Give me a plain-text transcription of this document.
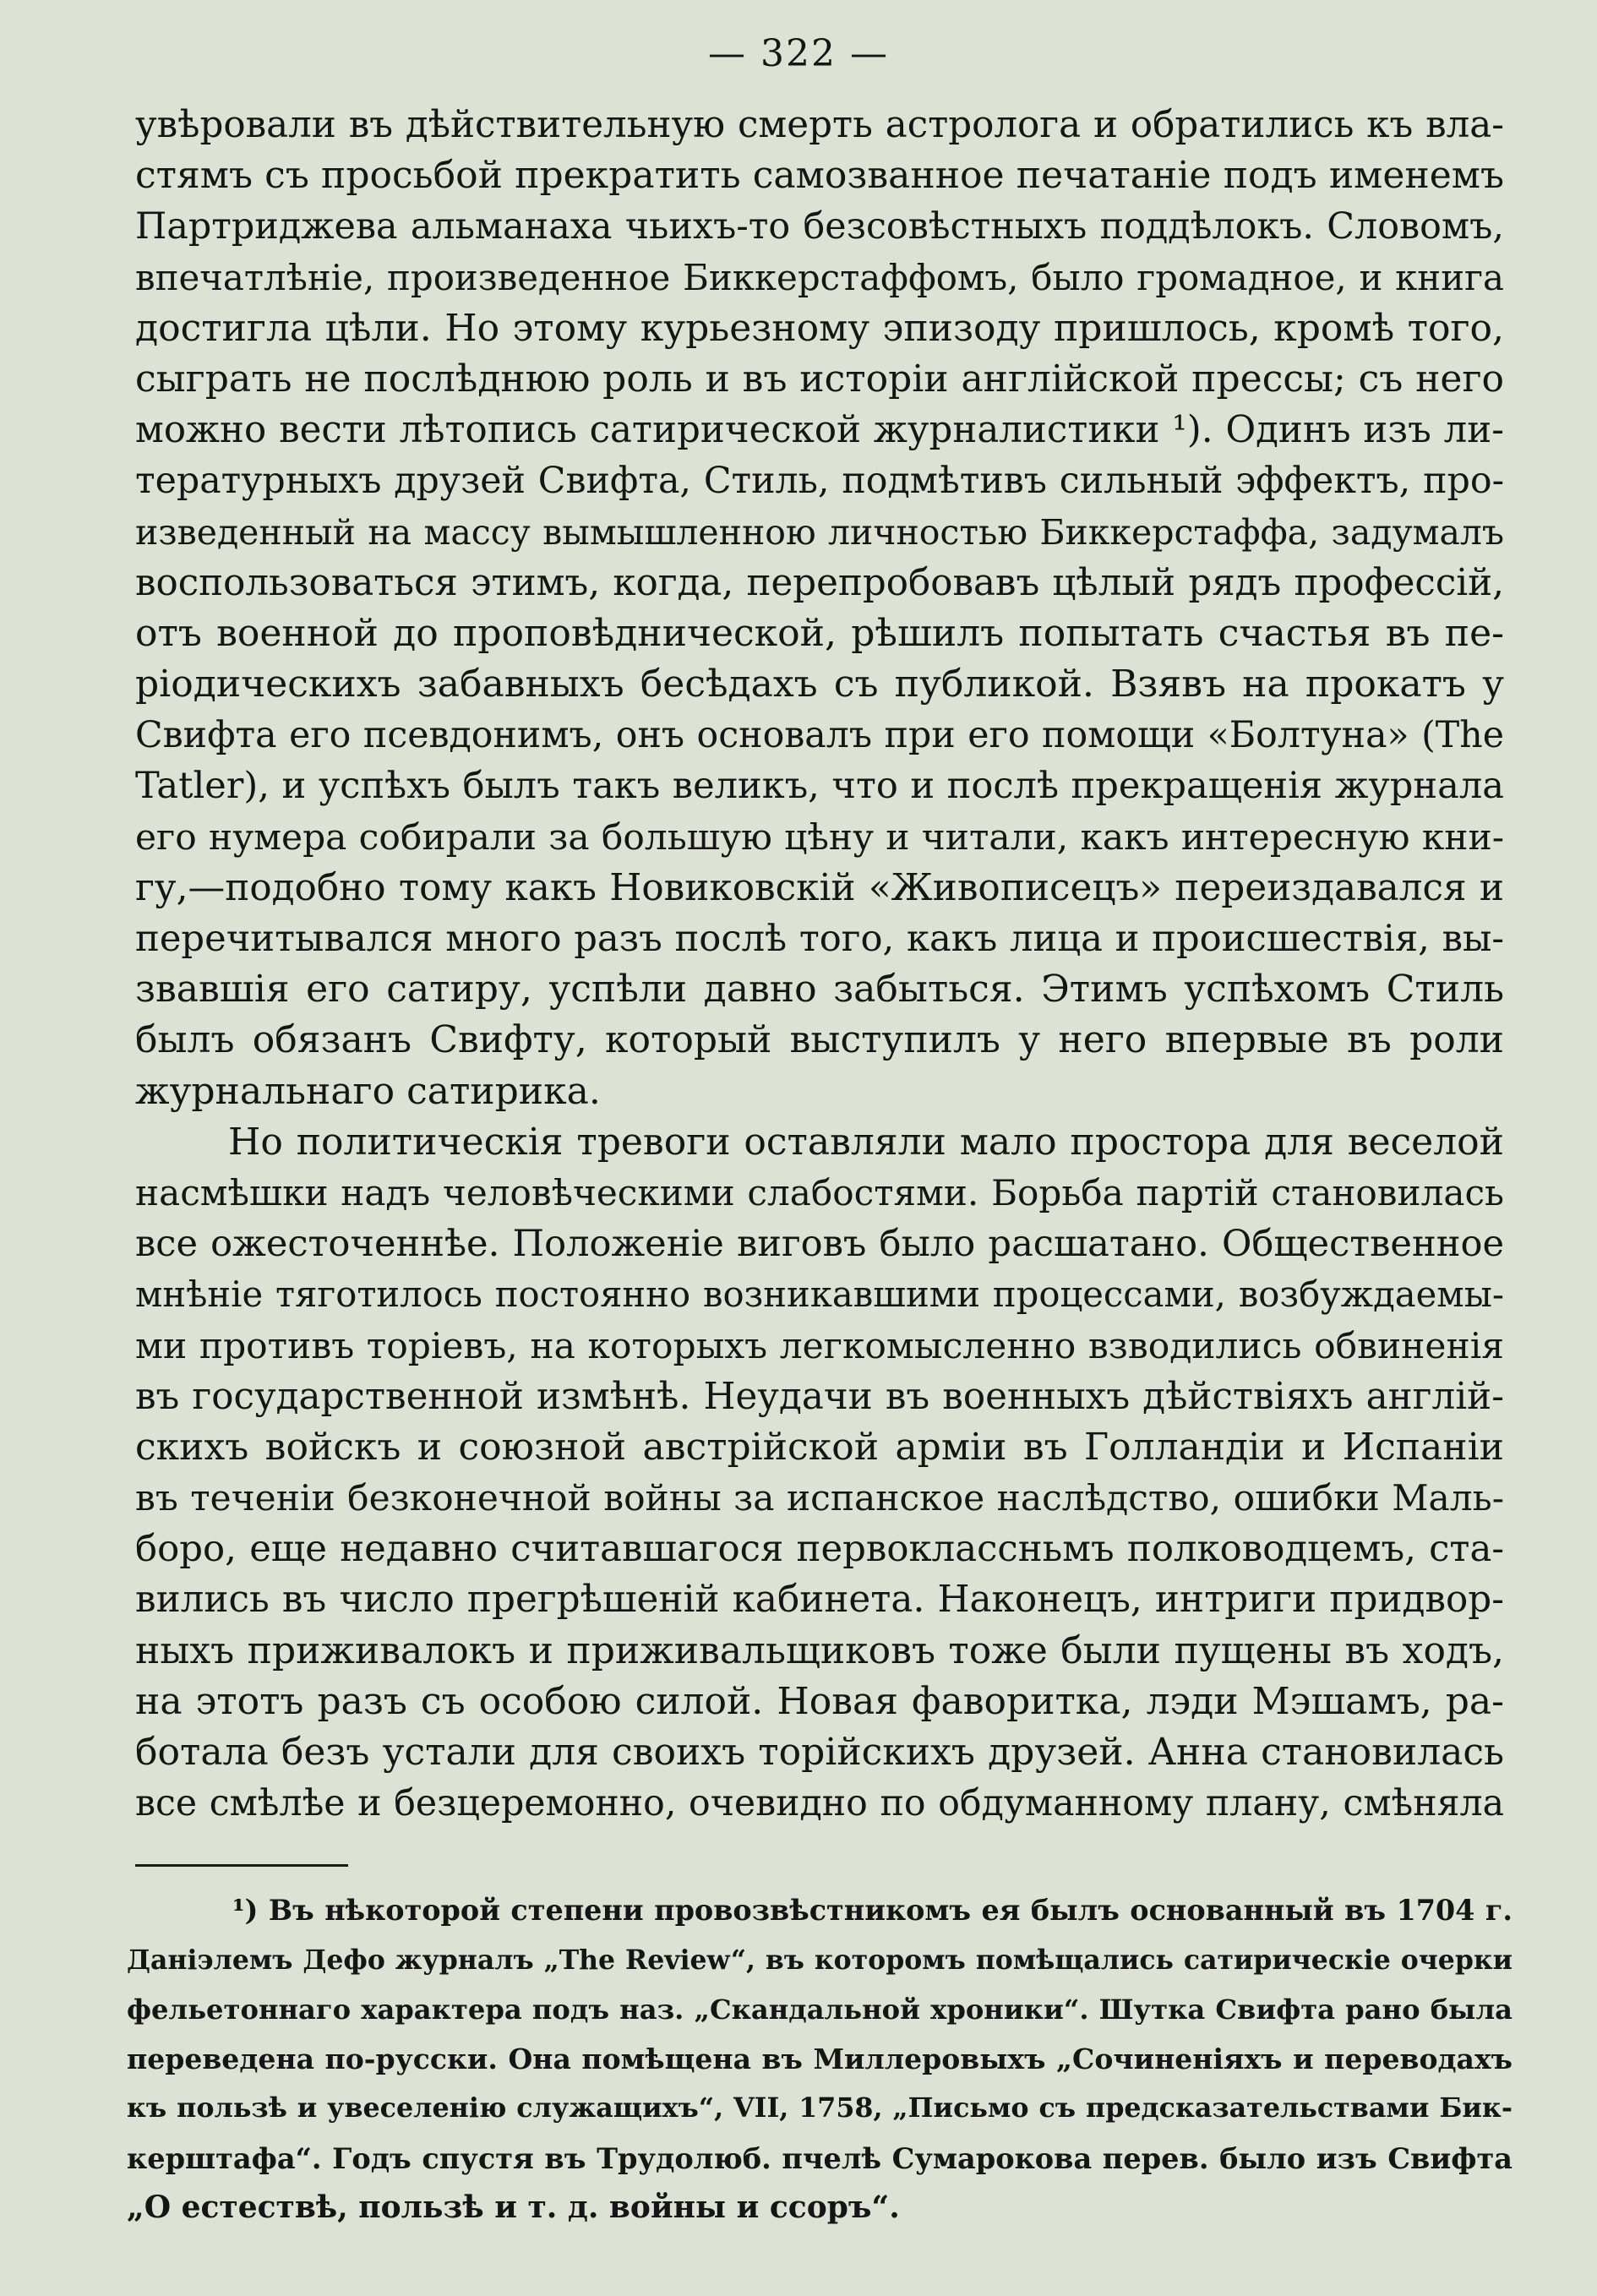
— 322 —
увѣровали въ дѣйствительную смерть астролога и обратились къ вла-
стямъ съ просьбой прекратить самозванное печатанiе подъ именемъ
Партриджева альманаха чьихъ-то безсовѣстныхъ поддѣлокъ. Словомъ,
впечатлѣнiе, произведенное Биккерстаффомъ, было громадное, и книга
достигла цѣли. Но этому курьезному эпизоду пришлось, кромѣ того,
сыграть не послѣднюю роль и въ исторiи англiйской прессы; съ него
можно вести лѣтопись сатирической журналистики ¹). Одинъ изъ ли-
тературныхъ друзей Свифта, Стиль, подмѣтивъ сильный эффектъ, про-
изведенный на массу вымышленною личностью Биккерстаффа, задумалъ
воспользоваться этимъ, когда, перепробовавъ цѣлый рядъ профессiй,
отъ военной до проповѣднической, рѣшилъ попытать счастья въ пе-
рiодическихъ забавныхъ бесѣдахъ съ публикой. Взявъ на прокатъ у
Свифта его псевдонимъ, онъ основалъ при его помощи «Болтуна» (The
Tatler), и успѣхъ былъ такъ великъ, что и послѣ прекращенiя журнала
его нумера собирали за большую цѣну и читали, какъ интересную кни-
гу,—подобно тому какъ Новиковскiй «Живописецъ» переиздавался и
перечитывался много разъ послѣ того, какъ лица и происшествiя, вы-
звавшiя его сатиру, успѣли давно забыться. Этимъ успѣхомъ Стиль
былъ обязанъ Свифту, который выступилъ у него впервые въ роли
журнальнаго сатирика.
Но политическiя тревоги оставляли мало простора для веселой
насмѣшки надъ человѣческими слабостями. Борьба партiй становилась
все ожесточеннѣе. Положенiе виговъ было расшатано. Общественное
мнѣнiе тяготилось постоянно возникавшими процессами, возбуждаемы-
ми противъ торiевъ, на которыхъ легкомысленно взводились обвиненiя
въ государственной измѣнѣ. Неудачи въ военныхъ дѣйствiяхъ англiй-
скихъ войскъ и союзной австрiйской армiи въ Голландiи и Испанiи
въ теченiи безконечной войны за испанское наслѣдство, ошибки Маль-
боро, еще недавно считавшагося первоклассньмъ полководцемъ, ста-
вились въ число прегрѣшенiй кабинета. Наконецъ, интриги придвор-
ныхъ приживалокъ и приживальщиковъ тоже были пущены въ ходъ,
на этотъ разъ съ особою силой. Новая фаворитка, лэди Мэшамъ, ра-
ботала безъ устали для своихъ торiйскихъ друзей. Анна становилась
все смѣлѣе и безцеремонно, очевидно по обдуманному плану, смѣняла
¹) Въ нѣкоторой степени провозвѣстникомъ ея былъ основанный въ 1704 г.
Данiэлемъ Дефо журналъ „The Review“, въ которомъ помѣщались сатирическiе очерки
фельетоннаго характера подъ наз. „Скандальной хроники“. Шутка Свифта рано была
переведена по-русски. Она помѣщена въ Миллеровыхъ „Сочиненiяхъ и переводахъ
къ пользѣ и увеселенiю служащихъ“, VII, 1758, „Письмо съ предсказательствами Бик-
керштафа“. Годъ спустя въ Трудолюб. пчелѣ Сумарокова перев. было изъ Свифта
„О естествѣ, пользѣ и т. д. войны и ссоръ“.
